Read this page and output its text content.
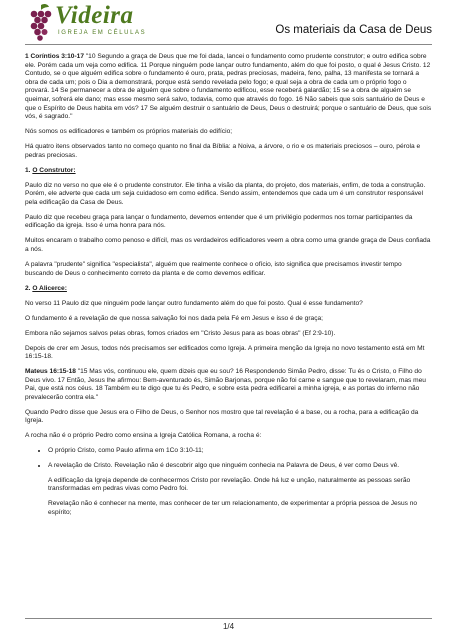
Videira
IGREJA EM CÉLULAS	Os materiais da Casa de Deus

1 Coríntios 3:10-17 "10 Segundo a graça de Deus que me foi dada, lancei o fundamento como prudente construtor; e outro edifica sobre ele. Porém cada um veja como edifica. 11 Porque ninguém pode lançar outro fundamento, além do que foi posto, o qual é Jesus Cristo. 12 Contudo, se o que alguém edifica sobre o fundamento é ouro, prata, pedras preciosas, madeira, feno, palha, 13 manifesta se tornará a obra de cada um; pois o Dia a demonstrará, porque está sendo revelada pelo fogo; e qual seja a obra de cada um o próprio fogo o provará. 14 Se permanecer a obra de alguém que sobre o fundamento edificou, esse receberá galardão; 15 se a obra de alguém se queimar, sofrerá ele dano; mas esse mesmo será salvo, todavia, como que através do fogo. 16 Não sabeis que sois santuário de Deus e que o Espírito de Deus habita em vós? 17 Se alguém destruir o santuário de Deus, Deus o destruirá; porque o santuário de Deus, que sois vós, é sagrado."

Nós somos os edificadores e também os próprios materiais do edifício;

Há quatro itens observados tanto no começo quanto no final da Bíblia: a Noiva, a árvore, o rio e os materiais preciosos – ouro, pérola e pedras preciosas.

1. O Construtor:

Paulo diz no verso no que ele é o prudente construtor. Ele tinha a visão da planta, do projeto, dos materiais, enfim, de toda a construção. Porém, ele adverte que cada um seja cuidadoso em como edifica. Sendo assim, entendemos que cada um é um construtor responsável pela edificação da Casa de Deus.

Paulo diz que recebeu graça para lançar o fundamento, devemos entender que é um privilégio podermos nos tornar participantes da edificação da igreja. Isso é uma honra para nós.

Muitos encaram o trabalho como penoso e difícil, mas os verdadeiros edificadores veem a obra como uma grande graça de Deus confiada a nós.

A palavra "prudente" significa "especialista", alguém que realmente conhece o ofício, isto significa que precisamos investir tempo buscando de Deus o conhecimento correto da planta e de como devemos edificar.

2. O Alicerce:

No verso 11 Paulo diz que ninguém pode lançar outro fundamento além do que foi posto. Qual é esse fundamento?

O fundamento é a revelação de que nossa salvação foi nos dada pela Fé em Jesus e isso é de graça;

Embora não sejamos salvos pelas obras, fomos criados em "Cristo Jesus para as boas obras" (Ef 2:9-10).

Depois de crer em Jesus, todos nós precisamos ser edificados como Igreja. A primeira menção da Igreja no novo testamento está em Mt 16:15-18.

Mateus 16:15-18 "15 Mas vós, continuou ele, quem dizeis que eu sou? 16 Respondendo Simão Pedro, disse: Tu és o Cristo, o Filho do Deus vivo. 17 Então, Jesus lhe afirmou: Bem-aventurado és, Simão Barjonas, porque não foi carne e sangue que to revelaram, mas meu Pai, que está nos céus. 18 Também eu te digo que tu és Pedro, e sobre esta pedra edificarei a minha igreja, e as portas do inferno não prevalecerão contra ela."

Quando Pedro disse que Jesus era o Filho de Deus, o Senhor nos mostro que tal revelação é a base, ou a rocha, para a edificação da Igreja.

A rocha não é o próprio Pedro como ensina a Igreja Católica Romana, a rocha é:

• O próprio Cristo, como Paulo afirma em 1Co 3:10-11;
• A revelação de Cristo. Revelação não é descobrir algo que ninguém conhecia na Palavra de Deus, é ver como Deus vê.

A edificação da Igreja depende de conhecermos Cristo por revelação. Onde há luz e unção, naturalmente as pessoas serão transformadas em pedras vivas como Pedro foi.

Revelação não é conhecer na mente, mas conhecer de ter um relacionamento, de experimentar a própria pessoa de Jesus no espírito;

1/4
